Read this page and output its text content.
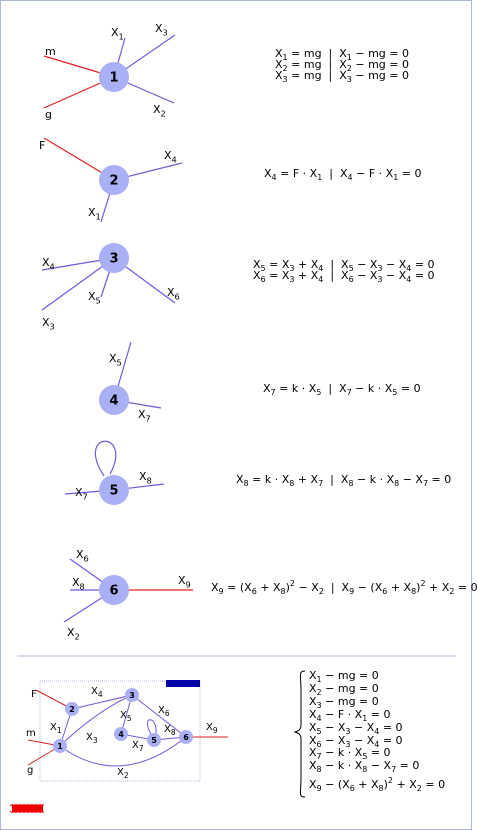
m
g
$X_1$
$X_3$
$X_2$
1
F
$X_4$
$X_1$
2
$X_4$
$X_5$
$X_6$
$X_3$
3
$X_5$
$X_7$
4
$X_7$
$X_8$
5
$X_6$
$X_8$
$X_2$
$X_9$
6
1
2
3
4
5	6
F
m
g
$X_1$
$X_4$
$X_3$
$X_5$
$X_6$
$X_7$
$X_8$	$X_9$
$X_2$
$X_1$ = mg  |  $X_1$ − mg = 0
$X_2$ = mg  |  $X_2$ − mg = 0
$X_3$ = mg  |  $X_3$ − mg = 0
$X_4 = F \cdot X_1$  |  $X_4 - F \cdot X_1 = 0$
$X_5 = X_3 + X_4$  |  $X_5 - X_3 - X_4 = 0$
$X_6 = X_3 + X_4$  |  $X_6 - X_3 - X_4 = 0$
$X_7 = k \cdot X_5$  |  $X_7 - k \cdot X_5 = 0$
$X_8 = k \cdot X_8 + X_7$  |  $X_8 - k \cdot X_8 - X_7 = 0$
$X_9 = (X_6 + X_8)^2 - X_2$  |  $X_9 - (X_6 + X_8)^2 + X_2 = 0$
$X_1$ − mg = 0
$X_2$ − mg = 0
$X_3$ − mg = 0
$X_4 - F \cdot X_1 = 0$
$X_5 - X_3 - X_4 = 0$
$X_6 - X_3 - X_4 = 0$
$X_7 - k \cdot X_5 = 0$
$X_8 - k \cdot X_8 - X_7 = 0$
$X_9 - (X_6 + X_8)^2 + X_2 = 0$
